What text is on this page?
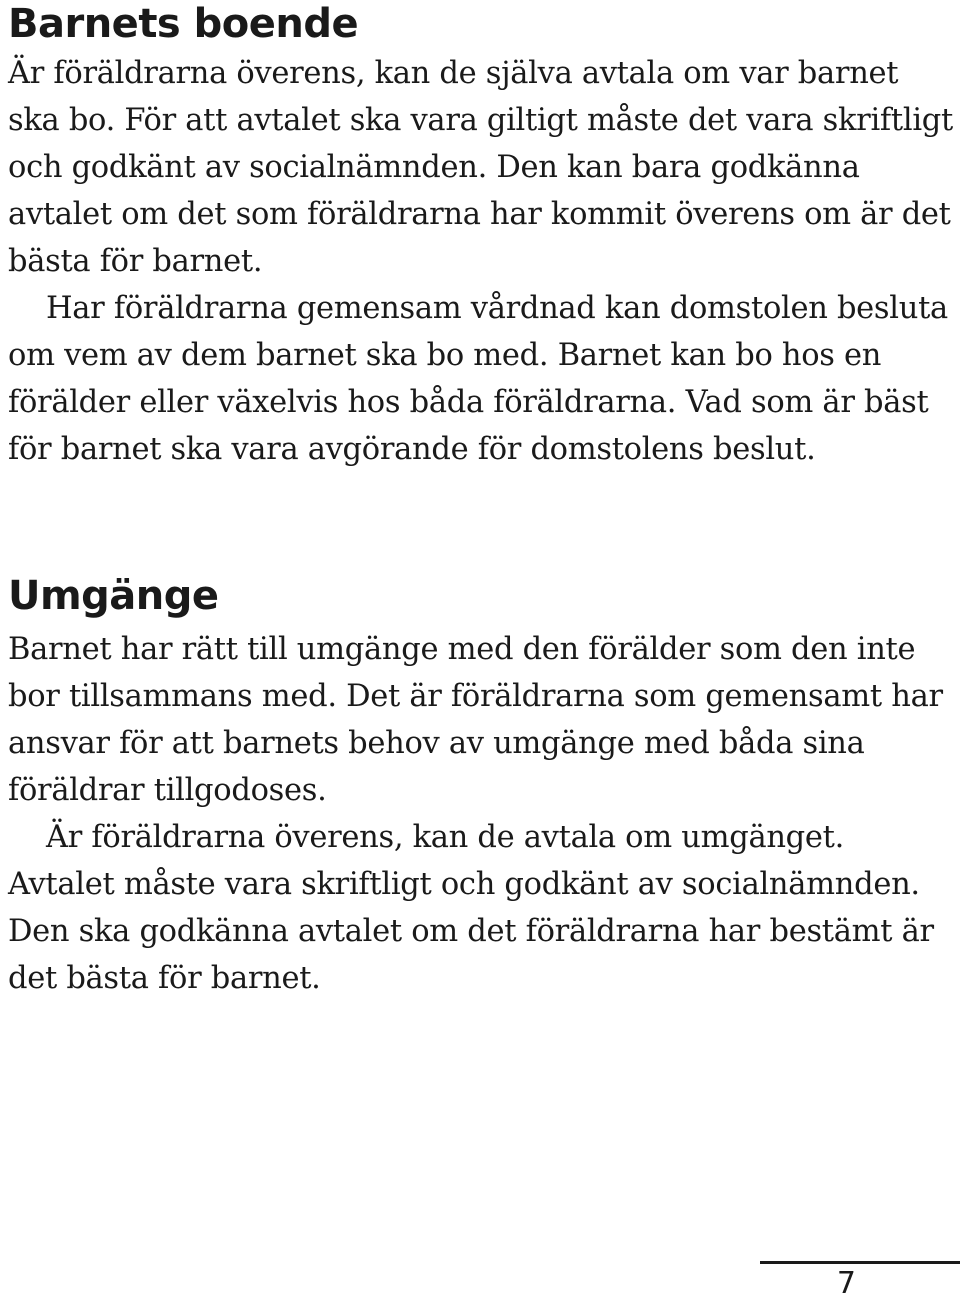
Barnets boende

Är föräldrarna överens, kan de själva avtala om var barnet ska bo. För att avtalet ska vara giltigt måste det vara skriftligt och godkänt av socialnämnden. Den kan bara godkänna avtalet om det som föräldrarna har kommit överens om är det bästa för barnet.

Har föräldrarna gemensam vårdnad kan domstolen besluta om vem av dem barnet ska bo med. Barnet kan bo hos en förälder eller växelvis hos båda föräldrarna. Vad som är bäst för barnet ska vara avgörande för domstolens beslut.

Umgänge

Barnet har rätt till umgänge med den förälder som den inte bor tillsammans med. Det är föräldrarna som gemensamt har ansvar för att barnets behov av umgänge med båda sina föräldrar tillgodoses.

Är föräldrarna överens, kan de avtala om umgänget. Avtalet måste vara skriftligt och godkänt av socialnämnden. Den ska godkänna avtalet om det föräldrarna har bestämt är det bästa för barnet.

7
